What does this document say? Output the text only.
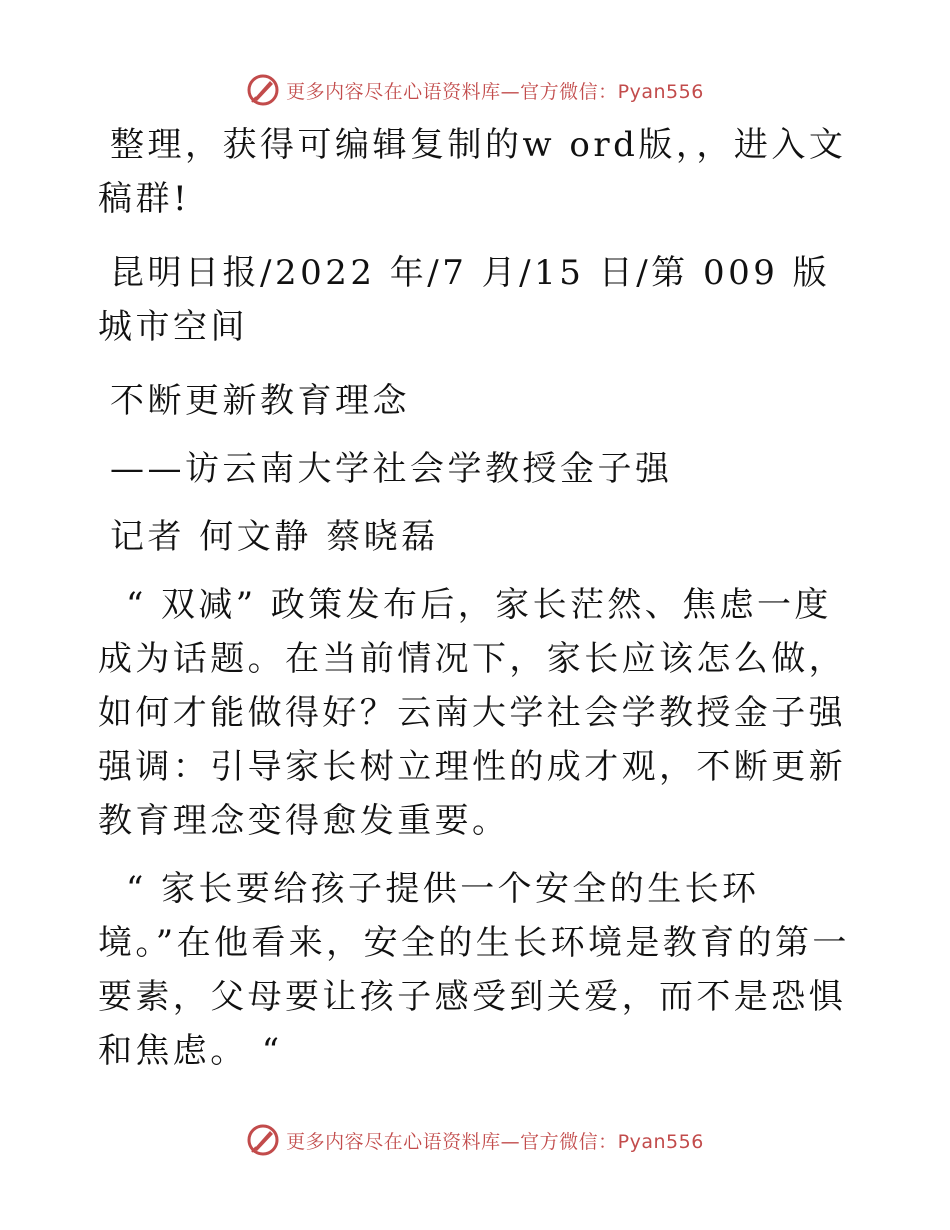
更多内容尽在心语资料库—官方微信：Pyan556

整理，获得可编辑复制的w ord版，，进入文稿群!

昆明日报/2022 年/7 月/15 日/第 009 版城市空间

不断更新教育理念

——访云南大学社会学教授金子强

记者 何文静 蔡晓磊

“ 双减” 政策发布后，家长茫然、焦虑一度成为话题。在当前情况下，家长应该怎么做，如何才能做得好？云南大学社会学教授金子强强调：引导家长树立理性的成才观，不断更新教育理念变得愈发重要。

“ 家长要给孩子提供一个安全的生长环境。”在他看来，安全的生长环境是教育的第一要素，父母要让孩子感受到关爱，而不是恐惧和焦虑。 “

更多内容尽在心语资料库—官方微信：Pyan556
